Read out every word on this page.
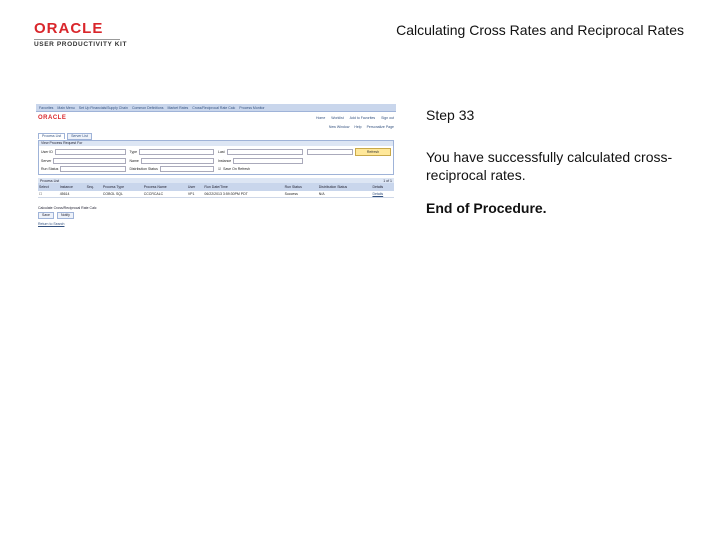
ORACLE
USER PRODUCTIVITY KIT
Calculating Cross Rates and Reciprocal Rates
Favorites Main Menu Set Up Financials/Supply Chain Common Definitions Market Rates Cross/Reciprocal Rate Calc Process Monitor
ORACLE	Home Worklist Add to Favorites Sign out
New Window Help Personalize Page
Process List	Server List
View Process Request For
User ID	Type	Last	Refresh
Server	Name	Instance
Run Status	Distribution Status	☑ Save On Refresh
Process List	1 of 1
Select	Instance	Seq.	Process Type	Process Name	User	Run Date/Time	Run Status	Distribution Status	Details
☐	45614		COBOL SQL	CCCRCALC	VP1	06/22/2013 3:59:30PM PDT	Success	N/A	Details
Calculate Cross/Reciprocal Rate Calc
Save	Notify
Return to Search
Step 33
You have successfully calculated cross-reciprocal rates.
End of Procedure.
